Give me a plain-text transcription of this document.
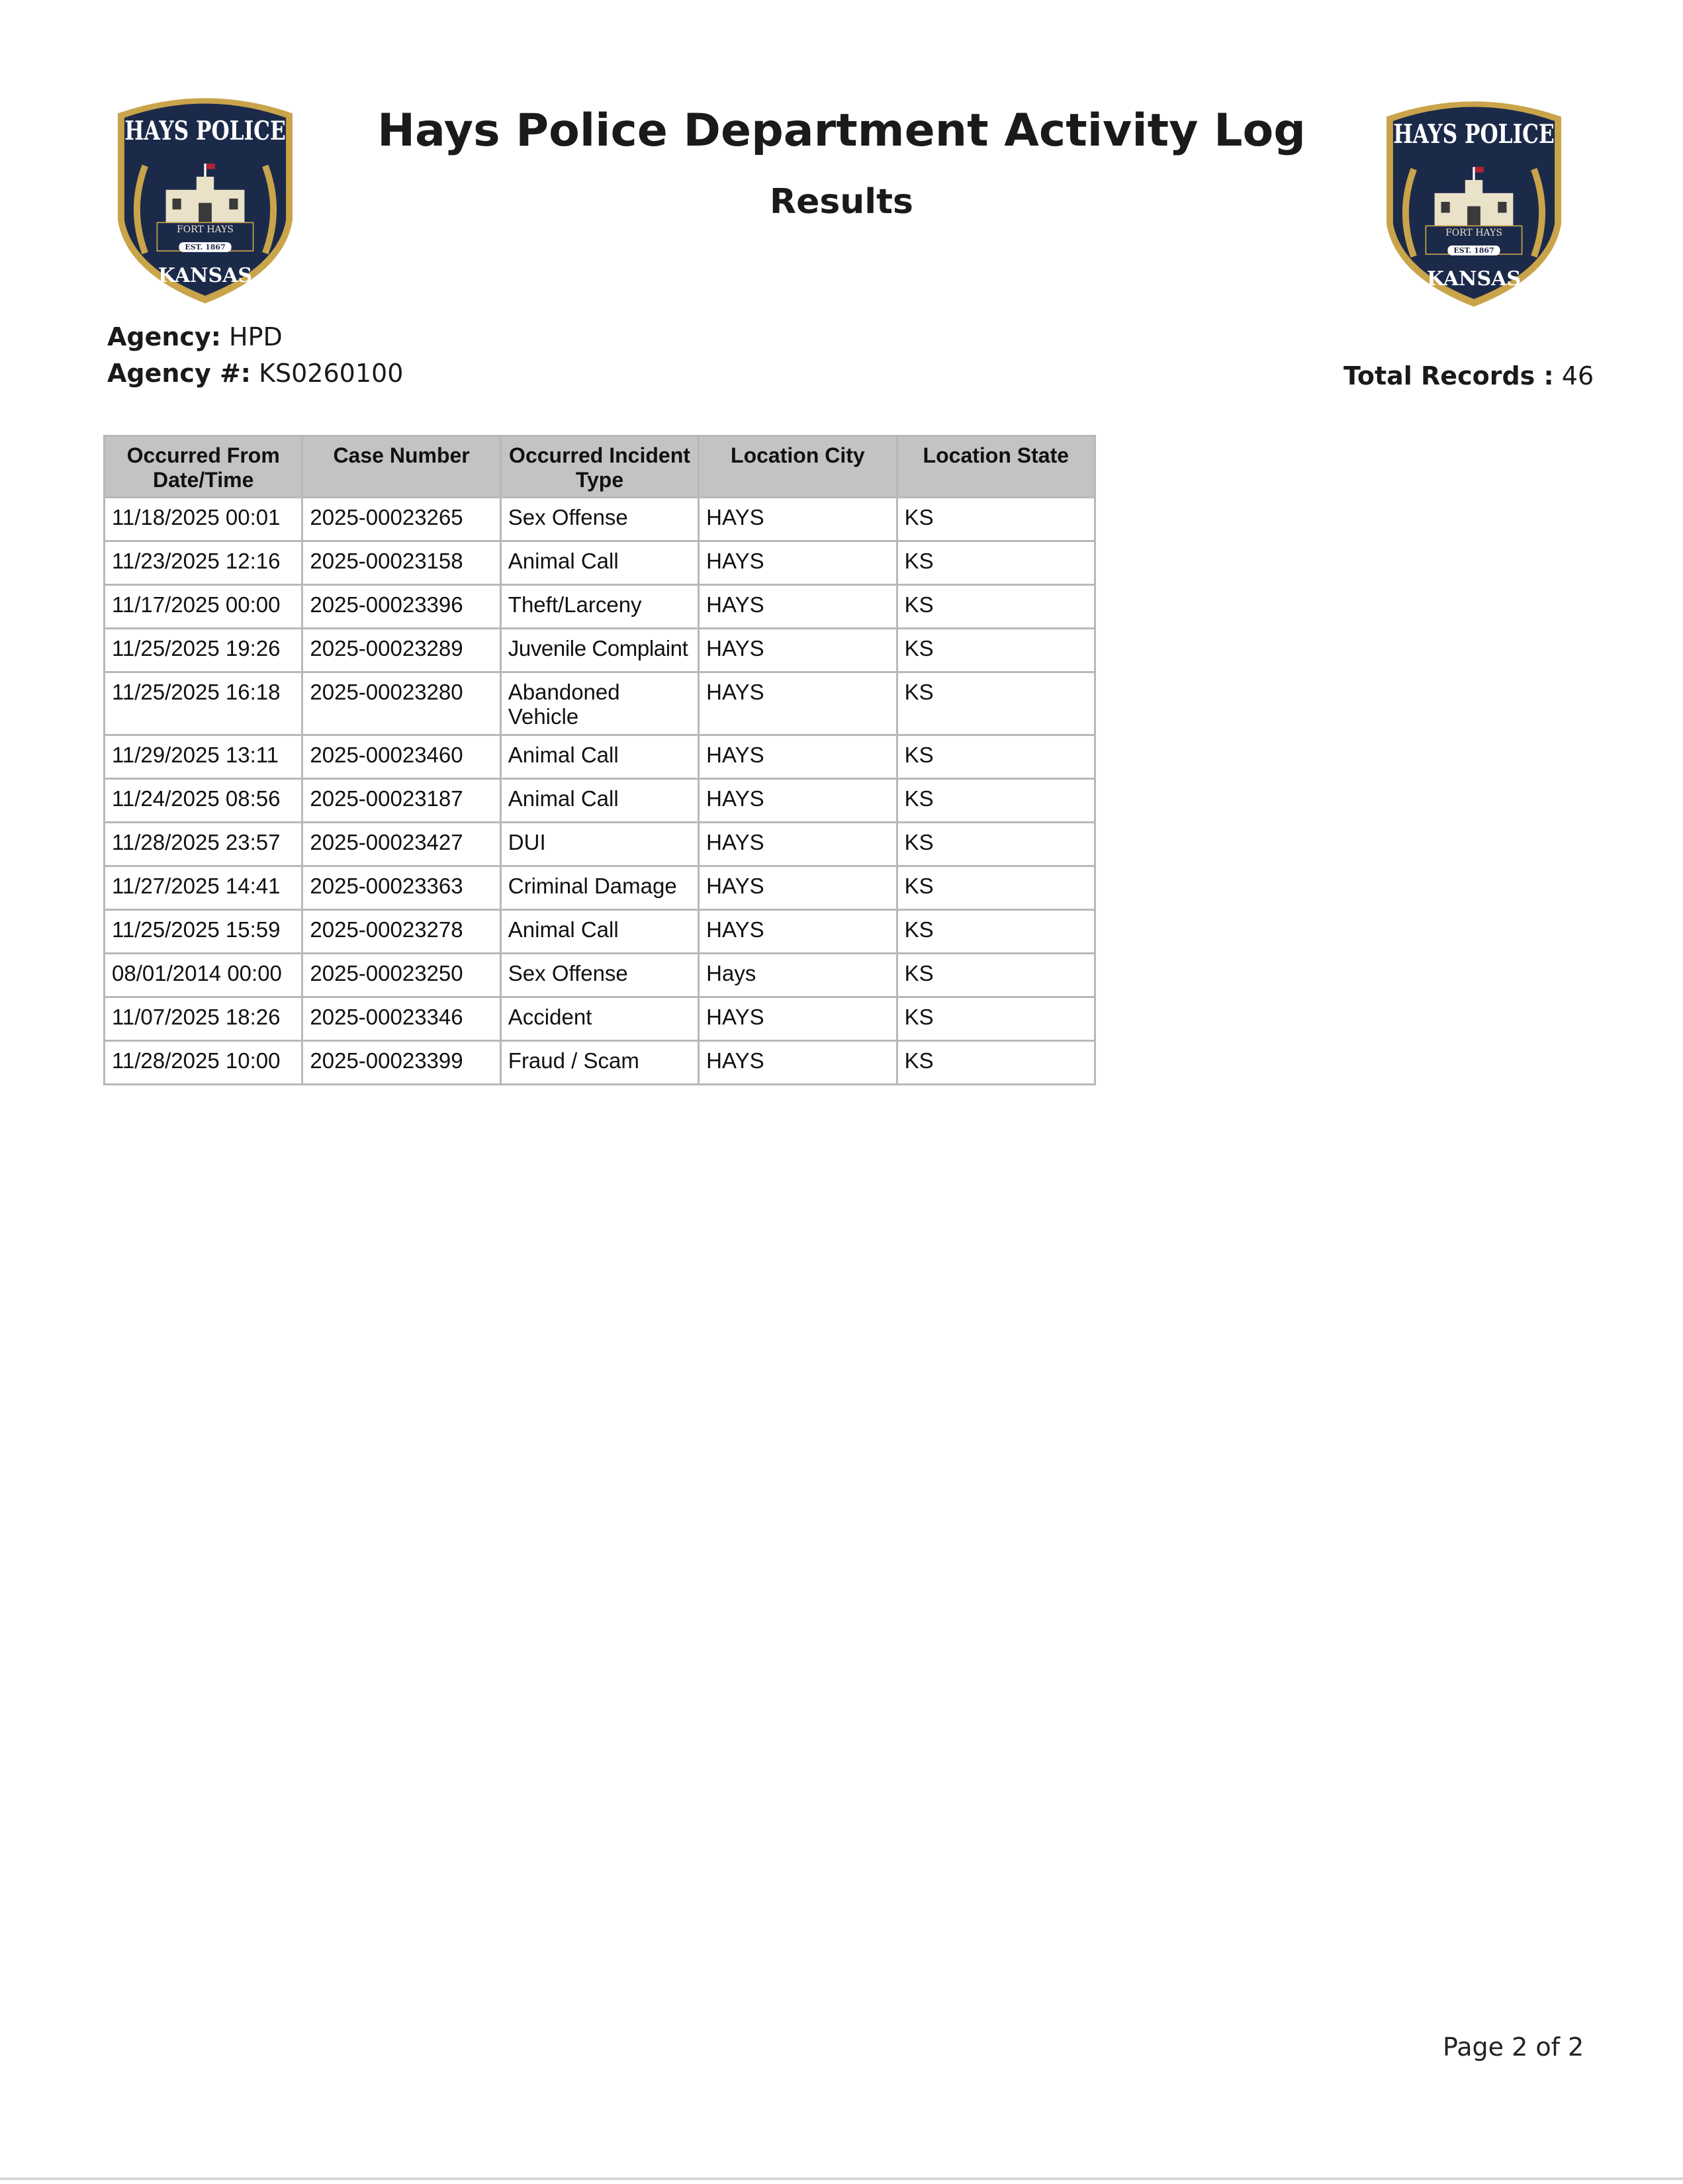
HAYS POLICE
FORT HAYS
EST. 1867
KANSAS
HAYS POLICE
FORT HAYS
EST. 1867
KANSAS
Hays Police Department Activity Log
Results
Agency: HPD
Agency #: KS0260100	Total Records : 46
Occurred From Date/Time	Case Number	Occurred Incident Type	Location City	Location State
11/18/2025 00:01	2025-00023265	Sex Offense	HAYS	KS
11/23/2025 12:16	2025-00023158	Animal Call	HAYS	KS
11/17/2025 00:00	2025-00023396	Theft/Larceny	HAYS	KS
11/25/2025 19:26	2025-00023289	Juvenile Complaint	HAYS	KS
11/25/2025 16:18	2025-00023280	Abandoned Vehicle	HAYS	KS
11/29/2025 13:11	2025-00023460	Animal Call	HAYS	KS
11/24/2025 08:56	2025-00023187	Animal Call	HAYS	KS
11/28/2025 23:57	2025-00023427	DUI	HAYS	KS
11/27/2025 14:41	2025-00023363	Criminal Damage	HAYS	KS
11/25/2025 15:59	2025-00023278	Animal Call	HAYS	KS
08/01/2014 00:00	2025-00023250	Sex Offense	Hays	KS
11/07/2025 18:26	2025-00023346	Accident	HAYS	KS
11/28/2025 10:00	2025-00023399	Fraud / Scam	HAYS	KS
Page 2 of 2
